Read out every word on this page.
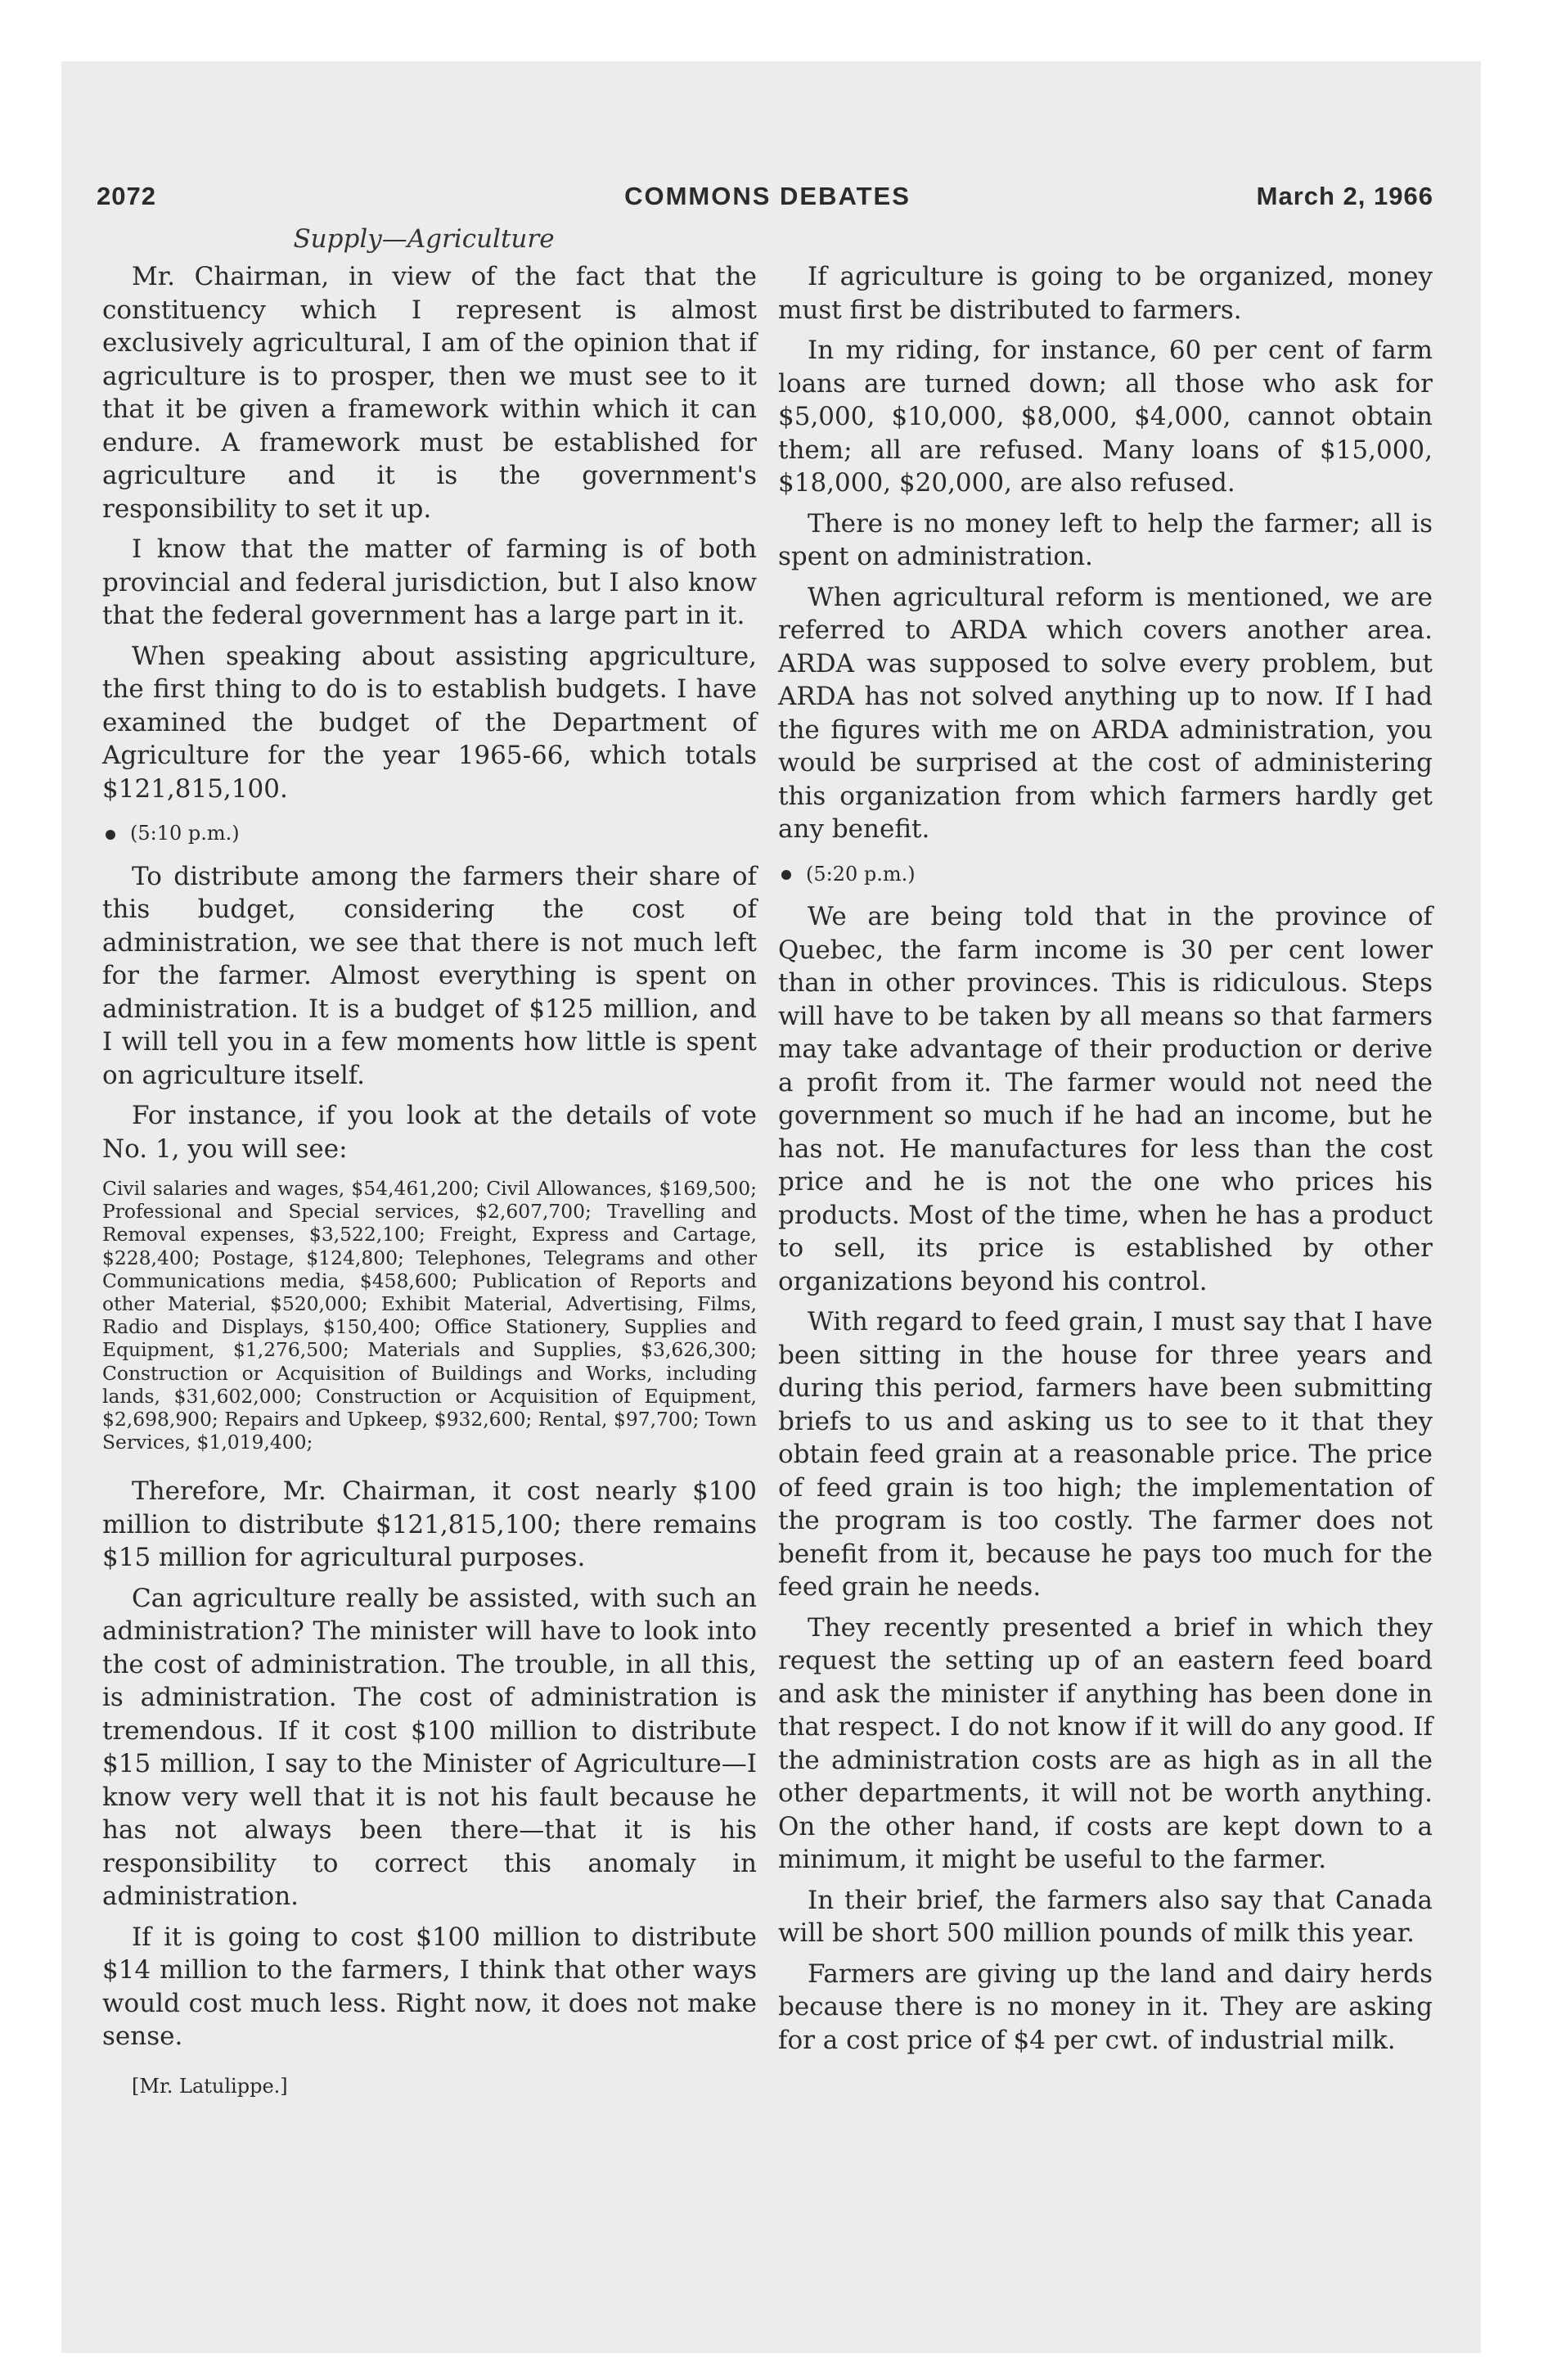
2072	COMMONS DEBATES	March 2, 1966
Supply—Agriculture

Mr. Chairman, in view of the fact that the constituency which I represent is almost exclusively agricultural, I am of the opinion that if agriculture is to prosper, then we must see to it that it be given a framework within which it can endure. A framework must be established for agriculture and it is the government's responsibility to set it up.

I know that the matter of farming is of both provincial and federal jurisdiction, but I also know that the federal government has a large part in it.

When speaking about assisting apgriculture, the first thing to do is to establish budgets. I have examined the budget of the Department of Agriculture for the year 1965-66, which totals $121,815,100.

(5:10 p.m.)

To distribute among the farmers their share of this budget, considering the cost of administration, we see that there is not much left for the farmer. Almost everything is spent on administration. It is a budget of $125 million, and I will tell you in a few moments how little is spent on agriculture itself.

For instance, if you look at the details of vote No. 1, you will see:

Civil salaries and wages, $54,461,200; Civil Allowances, $169,500; Professional and Special services, $2,607,700; Travelling and Removal expenses, $3,522,100; Freight, Express and Cartage, $228,400; Postage, $124,800; Telephones, Telegrams and other Communications media, $458,600; Publication of Reports and other Material, $520,000; Exhibit Material, Advertising, Films, Radio and Displays, $150,400; Office Stationery, Supplies and Equipment, $1,276,500; Materials and Supplies, $3,626,300; Construction or Acquisition of Buildings and Works, including lands, $31,602,000; Construction or Acquisition of Equipment, $2,698,900; Repairs and Upkeep, $932,600; Rental, $97,700; Town Services, $1,019,400;

Therefore, Mr. Chairman, it cost nearly $100 million to distribute $121,815,100; there remains $15 million for agricultural purposes.

Can agriculture really be assisted, with such an administration? The minister will have to look into the cost of administration. The trouble, in all this, is administration. The cost of administration is tremendous. If it cost $100 million to distribute $15 million, I say to the Minister of Agriculture—I know very well that it is not his fault because he has not always been there—that it is his responsibility to correct this anomaly in administration.

If it is going to cost $100 million to distribute $14 million to the farmers, I think that other ways would cost much less. Right now, it does not make sense.

[Mr. Latulippe.]

If agriculture is going to be organized, money must first be distributed to farmers.

In my riding, for instance, 60 per cent of farm loans are turned down; all those who ask for $5,000, $10,000, $8,000, $4,000, cannot obtain them; all are refused. Many loans of $15,000, $18,000, $20,000, are also refused.

There is no money left to help the farmer; all is spent on administration.

When agricultural reform is mentioned, we are referred to ARDA which covers another area. ARDA was supposed to solve every problem, but ARDA has not solved anything up to now. If I had the figures with me on ARDA administration, you would be surprised at the cost of administering this organization from which farmers hardly get any benefit.

(5:20 p.m.)

We are being told that in the province of Quebec, the farm income is 30 per cent lower than in other provinces. This is ridiculous. Steps will have to be taken by all means so that farmers may take advantage of their production or derive a profit from it. The farmer would not need the government so much if he had an income, but he has not. He manufactures for less than the cost price and he is not the one who prices his products. Most of the time, when he has a product to sell, its price is established by other organizations beyond his control.

With regard to feed grain, I must say that I have been sitting in the house for three years and during this period, farmers have been submitting briefs to us and asking us to see to it that they obtain feed grain at a reasonable price. The price of feed grain is too high; the implementation of the program is too costly. The farmer does not benefit from it, because he pays too much for the feed grain he needs.

They recently presented a brief in which they request the setting up of an eastern feed board and ask the minister if anything has been done in that respect. I do not know if it will do any good. If the administration costs are as high as in all the other departments, it will not be worth anything. On the other hand, if costs are kept down to a minimum, it might be useful to the farmer.

In their brief, the farmers also say that Canada will be short 500 million pounds of milk this year.

Farmers are giving up the land and dairy herds because there is no money in it. They are asking for a cost price of $4 per cwt. of industrial milk.
